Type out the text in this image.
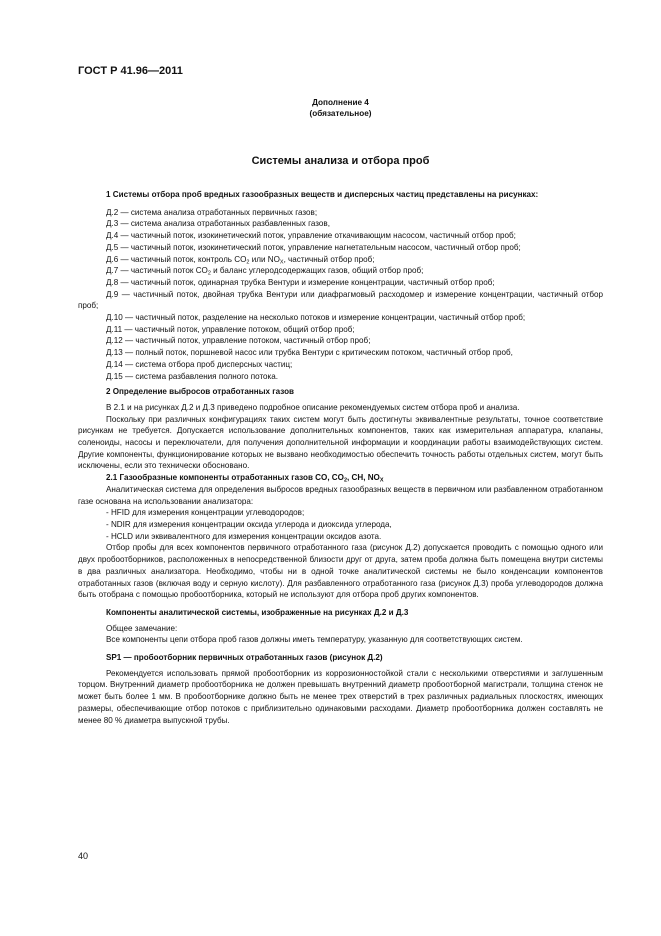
ГОСТ Р 41.96—2011
Дополнение 4
(обязательное)
Системы анализа и отбора проб

1 Системы отбора проб вредных газообразных веществ и дисперсных частиц представлены на рисунках:

Д.2 — система анализа отработанных первичных газов;

Д.3 — система анализа отработанных разбавленных газов,

Д.4 — частичный поток, изокинетический поток, управление откачивающим насосом, частичный отбор проб;

Д.5 — частичный поток, изокинетический поток, управление нагнетательным насосом, частичный отбор проб;

Д.6 — частичный поток, контроль $CO_2$ или $NO_X$, частичный отбор проб;

Д.7 — частичный поток $CO_2$ и баланс углеродсодержащих газов, общий отбор проб;

Д.8 — частичный поток, одинарная трубка Вентури и измерение концентрации, частичный отбор проб;

Д.9 — частичный поток, двойная трубка Вентури или диафрагмовый расходомер и измерение концентрации, частичный отбор проб;

Д.10 — частичный поток, разделение на несколько потоков и измерение концентрации, частичный отбор проб;

Д.11 — частичный поток, управление потоком, общий отбор проб;

Д.12 — частичный поток, управление потоком, частичный отбор проб;

Д.13 — полный поток, поршневой насос или трубка Вентури с критическим потоком, частичный отбор проб,

Д.14 — система отбора проб дисперсных частиц;

Д.15 — система разбавления полного потока.

2 Определение выбросов отработанных газов

В 2.1 и на рисунках Д.2 и Д.3 приведено подробное описание рекомендуемых систем отбора проб и анализа.

Поскольку при различных конфигурациях таких систем могут быть достигнуты эквивалентные результаты, точное соответствие рисункам не требуется. Допускается использование дополнительных компонентов, таких как измерительная аппаратура, клапаны, соленоиды, насосы и переключатели, для получения дополнительной информации и координации работы взаимодействующих систем. Другие компоненты, функционирование которых не вызвано необходимостью обеспечить точность работы отдельных систем, могут быть исключены, если это технически обосновано.

2.1 Газообразные компоненты отработанных газов CO, $CO_2$, CH, $NO_X$

Аналитическая система для определения выбросов вредных газообразных веществ в первичном или разбавленном отработанном газе основана на использовании анализатора:

- HFID для измерения концентрации углеводородов;

- NDIR для измерения концентрации оксида углерода и диоксида углерода,

- HCLD или эквивалентного для измерения концентрации оксидов азота.

Отбор пробы для всех компонентов первичного отработанного газа (рисунок Д.2) допускается проводить с помощью одного или двух пробоотборников, расположенных в непосредственной близости друг от друга, затем проба должна быть помещена внутри системы в два различных анализатора. Необходимо, чтобы ни в одной точке аналитической системы не было конденсации компонентов отработанных газов (включая воду и серную кислоту). Для разбавленного отработанного газа (рисунок Д.3) проба углеводородов должна быть отобрана с помощью пробоотборника, который не используют для отбора проб других компонентов.

Компоненты аналитической системы, изображенные на рисунках Д.2 и Д.3

Общее замечание:

Все компоненты цепи отбора проб газов должны иметь температуру, указанную для соответствующих систем.

SP1 — пробоотборник первичных отработанных газов (рисунок Д.2)

Рекомендуется использовать прямой пробоотборник из коррозионностойкой стали с несколькими отверстиями и заглушенным торцом. Внутренний диаметр пробоотборника не должен превышать внутренний диаметр пробоотборной магистрали, толщина стенок не может быть более 1 мм. В пробоотборнике должно быть не менее трех отверстий в трех различных радиальных плоскостях, имеющих размеры, обеспечивающие отбор потоков с приблизительно одинаковыми расходами. Диаметр пробоотборника должен составлять не менее 80 % диаметра выпускной трубы.

40
